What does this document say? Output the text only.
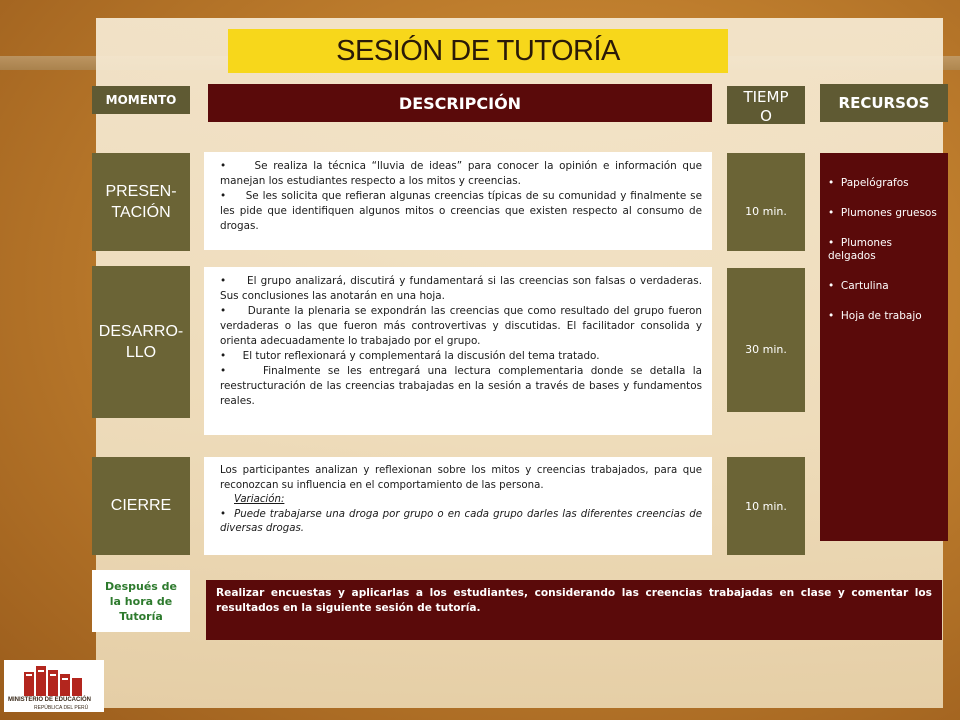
SESIÓN DE TUTORÍA
MOMENTO	DESCRIPCIÓN	TIEMP
O
RECURSOS
PRESEN-
TACIÓN

•     Se realiza la técnica “lluvia de ideas” para conocer la opinión e información que manejan los estudiantes respecto a los mitos y creencias.

•     Se les solicita que refieran algunas creencias típicas de su comunidad y finalmente se les pide que identifiquen algunos mitos o creencias que existen respecto al consumo de drogas.

10 min.
DESARRO-
LLO

•     El grupo analizará, discutirá y fundamentará si las creencias son falsas o verdaderas. Sus conclusiones las anotarán en una hoja.

•     Durante la plenaria se expondrán las creencias que como resultado del grupo fueron verdaderas o las que fueron más controvertivas y discutidas. El facilitador consolida y orienta adecuadamente lo trabajado por el grupo.

•     El tutor reflexionará y complementará la discusión del tema tratado.

•     Finalmente se les entregará una lectura complementaria donde se detalla la reestructuración de las creencias trabajadas en la sesión a través de bases y fundamentos reales.

30 min.
CIERRE

Los participantes analizan y reflexionan sobre los mitos y creencias trabajados, para que reconozcan su influencia en el comportamiento de las persona.

Variación:

•  Puede trabajarse una droga por grupo o en cada grupo darles las diferentes creencias de diversas drogas.

10 min.
•  Papelógrafos
•  Plumones gruesos
•  Plumones delgados
•  Cartulina
•  Hoja de trabajo
Después de la hora de Tutoría
Realizar encuestas y aplicarlas a los estudiantes, considerando las creencias trabajadas en clase y comentar los resultados en la siguiente sesión de tutoría.
MINISTERIO DE EDUCACIÓN
REPÚBLICA DEL PERÚ
